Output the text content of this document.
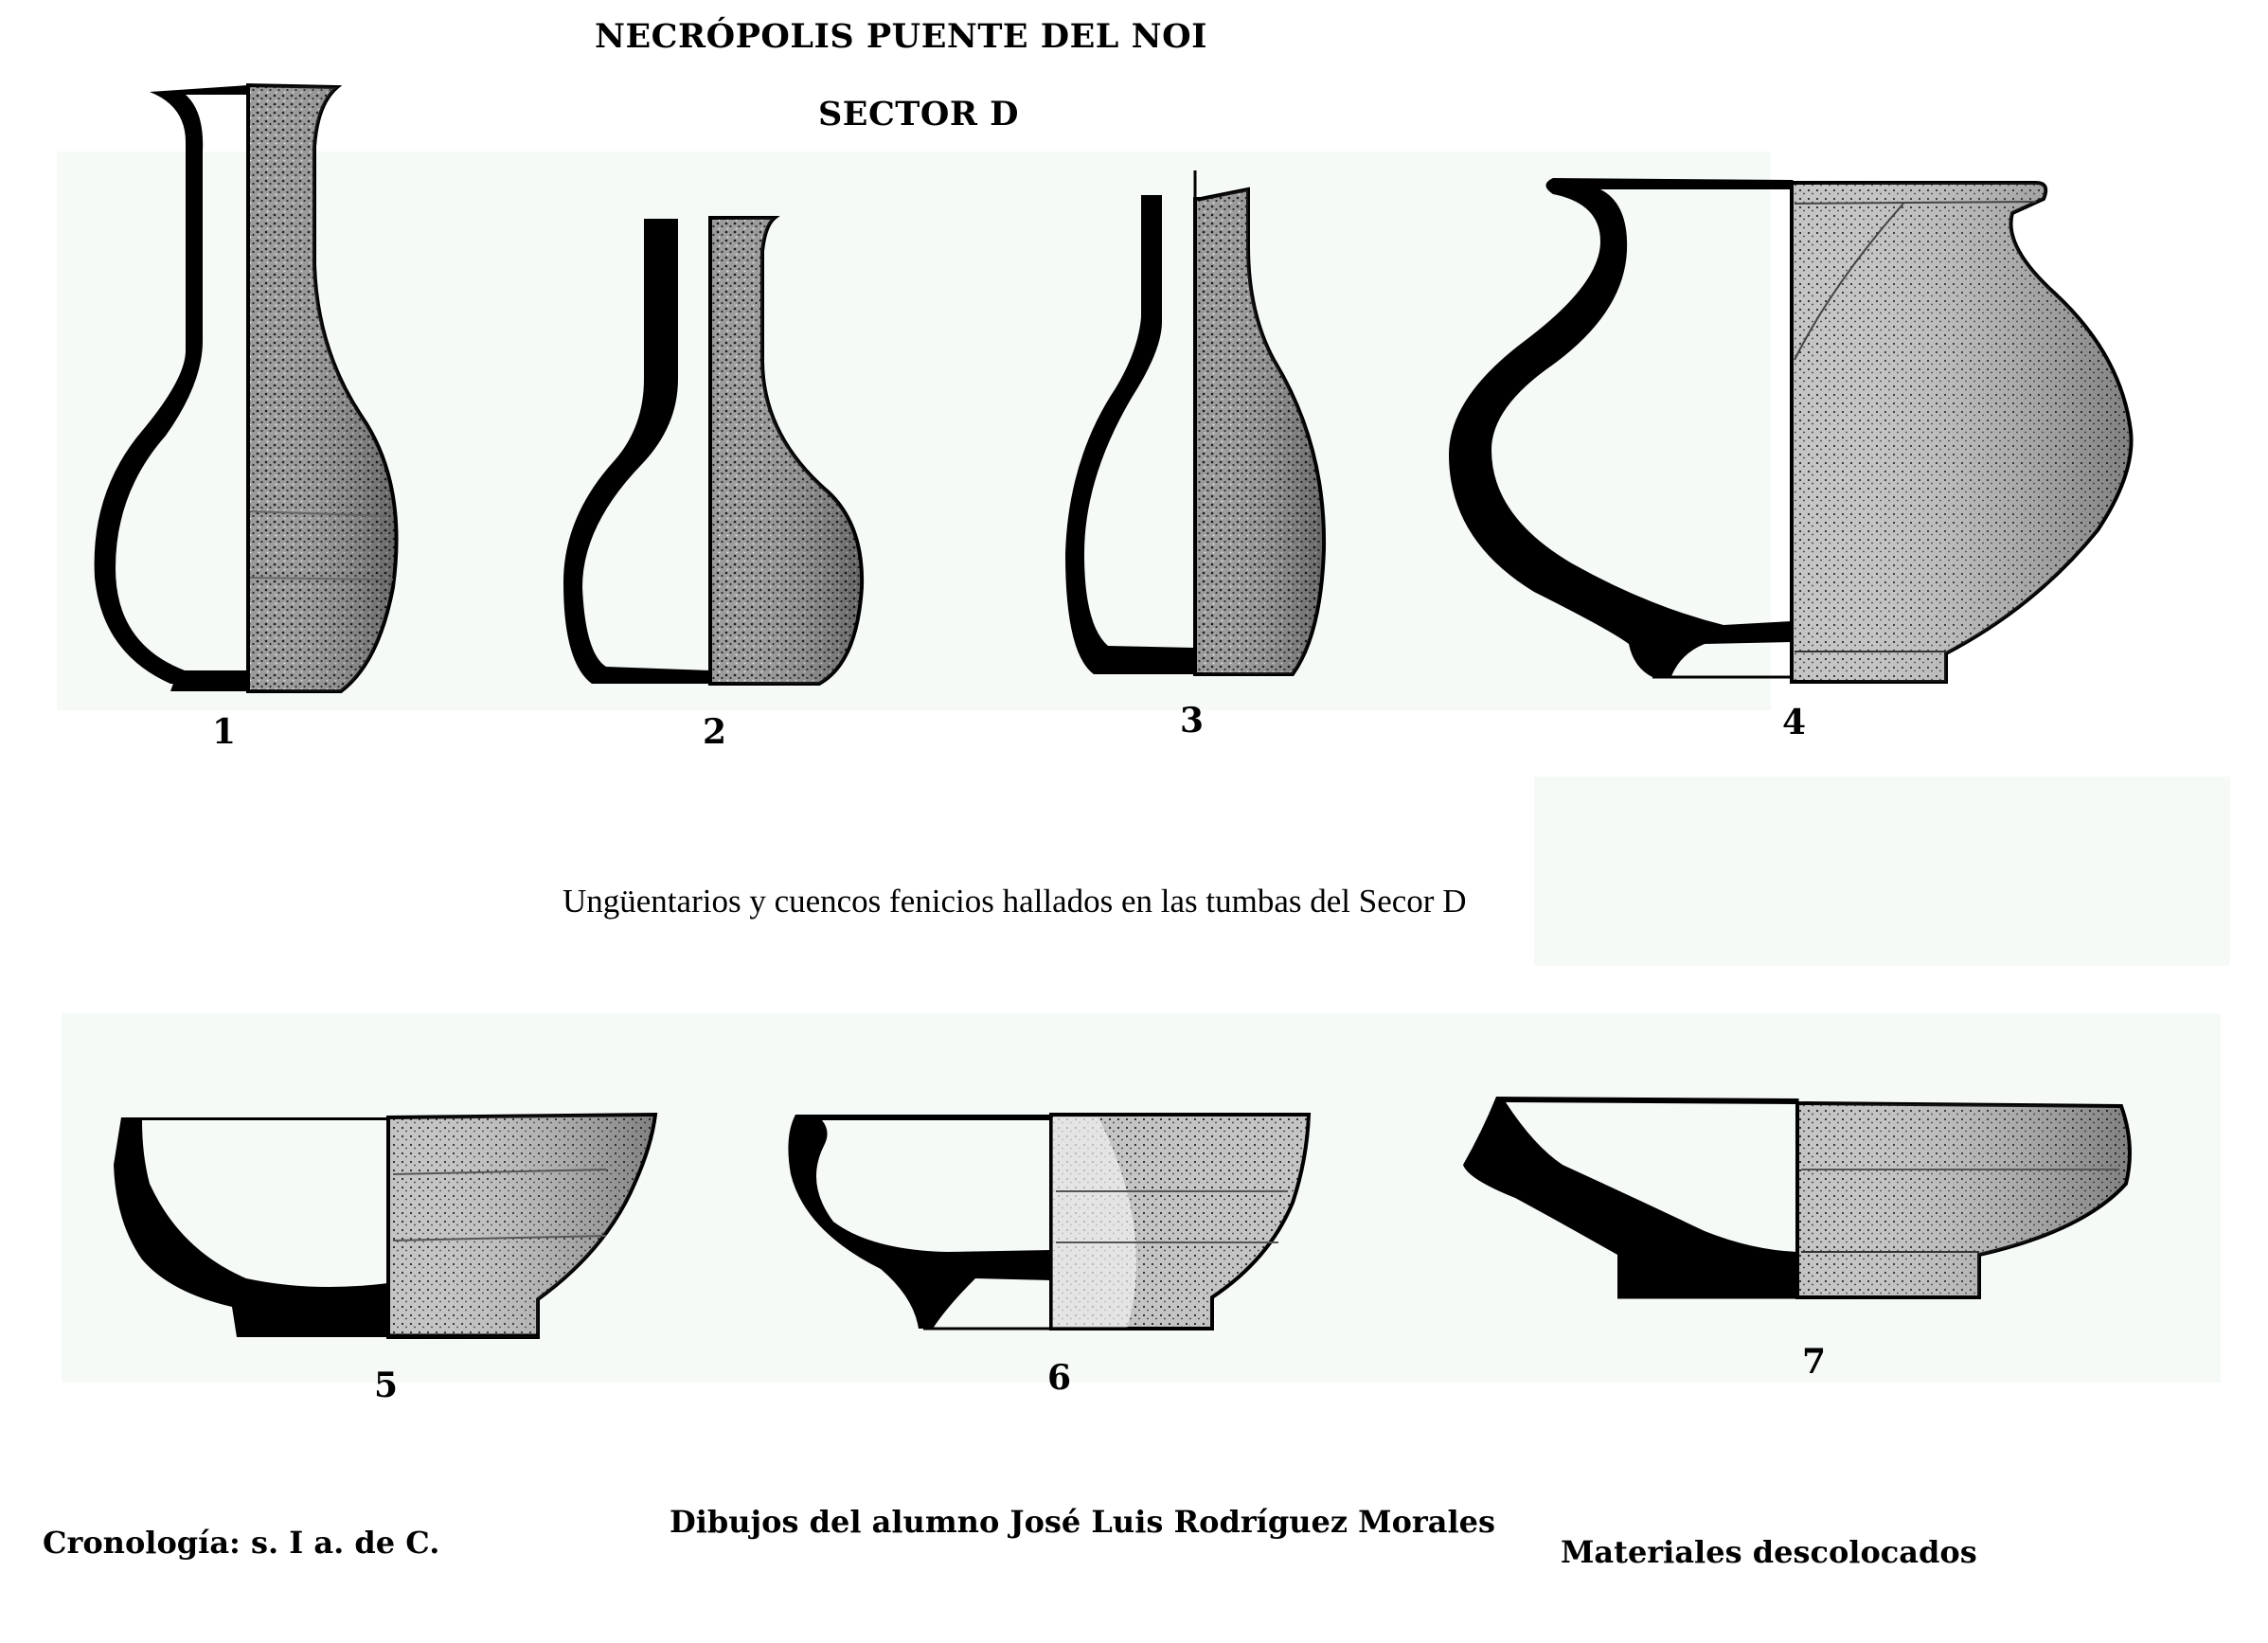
NECRÓPOLIS PUENTE DEL NOI
SECTOR D
1	2	3	4
5	6	7
Ungüentarios y cuencos fenicios hallados en las tumbas del Secor D
Cronología: s. I a. de C.
Dibujos del alumno José Luis Rodríguez Morales
Materiales descolocados
